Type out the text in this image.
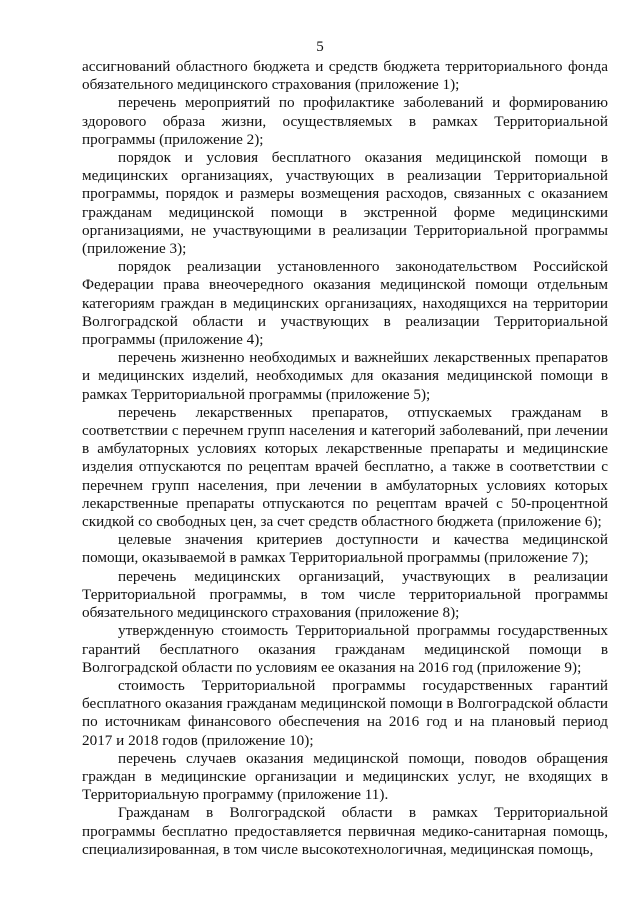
5

ассигнований областного бюджета и средств бюджета территориального фонда обязательного медицинского страхования (приложение 1);

перечень мероприятий по профилактике заболеваний и формированию здорового образа жизни, осуществляемых в рамках Территориальной программы (приложение 2);

порядок и условия бесплатного оказания медицинской помощи в медицинских организациях, участвующих в реализации Территориальной программы, порядок и размеры возмещения расходов, связанных с оказанием гражданам медицинской помощи в экстренной форме медицинскими организациями, не участвующими в реализации Территориальной программы (приложение 3);

порядок реализации установленного законодательством Российской Федерации права внеочередного оказания медицинской помощи отдельным категориям граждан в медицинских организациях, находящихся на территории Волгоградской области и участвующих в реализации Территориальной программы (приложение 4);

перечень жизненно необходимых и важнейших лекарственных препаратов и медицинских изделий, необходимых для оказания медицинской помощи в рамках Территориальной программы (приложение 5);

перечень лекарственных препаратов, отпускаемых гражданам в соответствии с перечнем групп населения и категорий заболеваний, при лечении в амбулаторных условиях которых лекарственные препараты и медицинские изделия отпускаются по рецептам врачей бесплатно, а также в соответствии с перечнем групп населения, при лечении в амбулаторных условиях которых лекарственные препараты отпускаются по рецептам врачей с 50-процентной скидкой со свободных цен, за счет средств областного бюджета (приложение 6);

целевые значения критериев доступности и качества медицинской помощи, оказываемой в рамках Территориальной программы (приложение 7);

перечень медицинских организаций, участвующих в реализации Территориальной программы, в том числе территориальной программы обязательного медицинского страхования (приложение 8);

утвержденную стоимость Территориальной программы государственных гарантий бесплатного оказания гражданам медицинской помощи в Волгоградской области по условиям ее оказания на 2016 год (приложение 9);

стоимость Территориальной программы государственных гарантий бесплатного оказания гражданам медицинской помощи в Волгоградской области по источникам финансового обеспечения на 2016 год и на плановый период 2017 и 2018 годов (приложение 10);

перечень случаев оказания медицинской помощи, поводов обращения граждан в медицинские организации и медицинских услуг, не входящих в Территориальную программу (приложение 11).

Гражданам в Волгоградской области в рамках Территориальной программы бесплатно предоставляется первичная медико-санитарная помощь, специализированная, в том числе высокотехнологичная, медицинская помощь,
